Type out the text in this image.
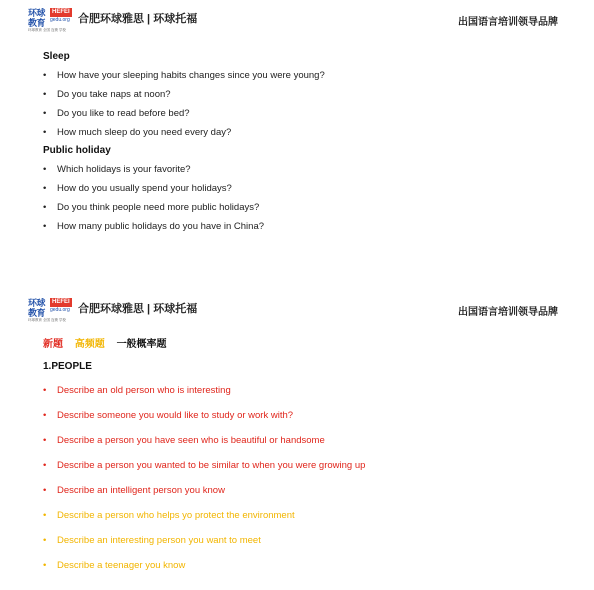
环球
教育
HEFEI
gedu.org
环球教育 全国 连锁 学校
合肥环球雅思 | 环球托福	出国语言培训领导品牌
Sleep
• How have your sleeping habits changes since you were young?
• Do you take naps at noon?
• Do you like to read before bed?
• How much sleep do you need every day?
Public holiday
• Which holidays is your favorite?
• How do you usually spend your holidays?
• Do you think people need more public holidays?
• How many public holidays do you have in China?
环球
教育
HEFEI
gedu.org
环球教育 全国 连锁 学校
合肥环球雅思 | 环球托福	出国语言培训领导品牌
新题 高频题 一般概率题
1.PEOPLE
• Describe an old person who is interesting
• Describe someone you would like to study or work with?
• Describe a person you have seen who is beautiful or handsome
• Describe a person you wanted to be similar to when you were growing up
• Describe an intelligent person you know
• Describe a person who helps yo protect the environment
• Describe an interesting person you want to meet
• Describe a teenager you know
